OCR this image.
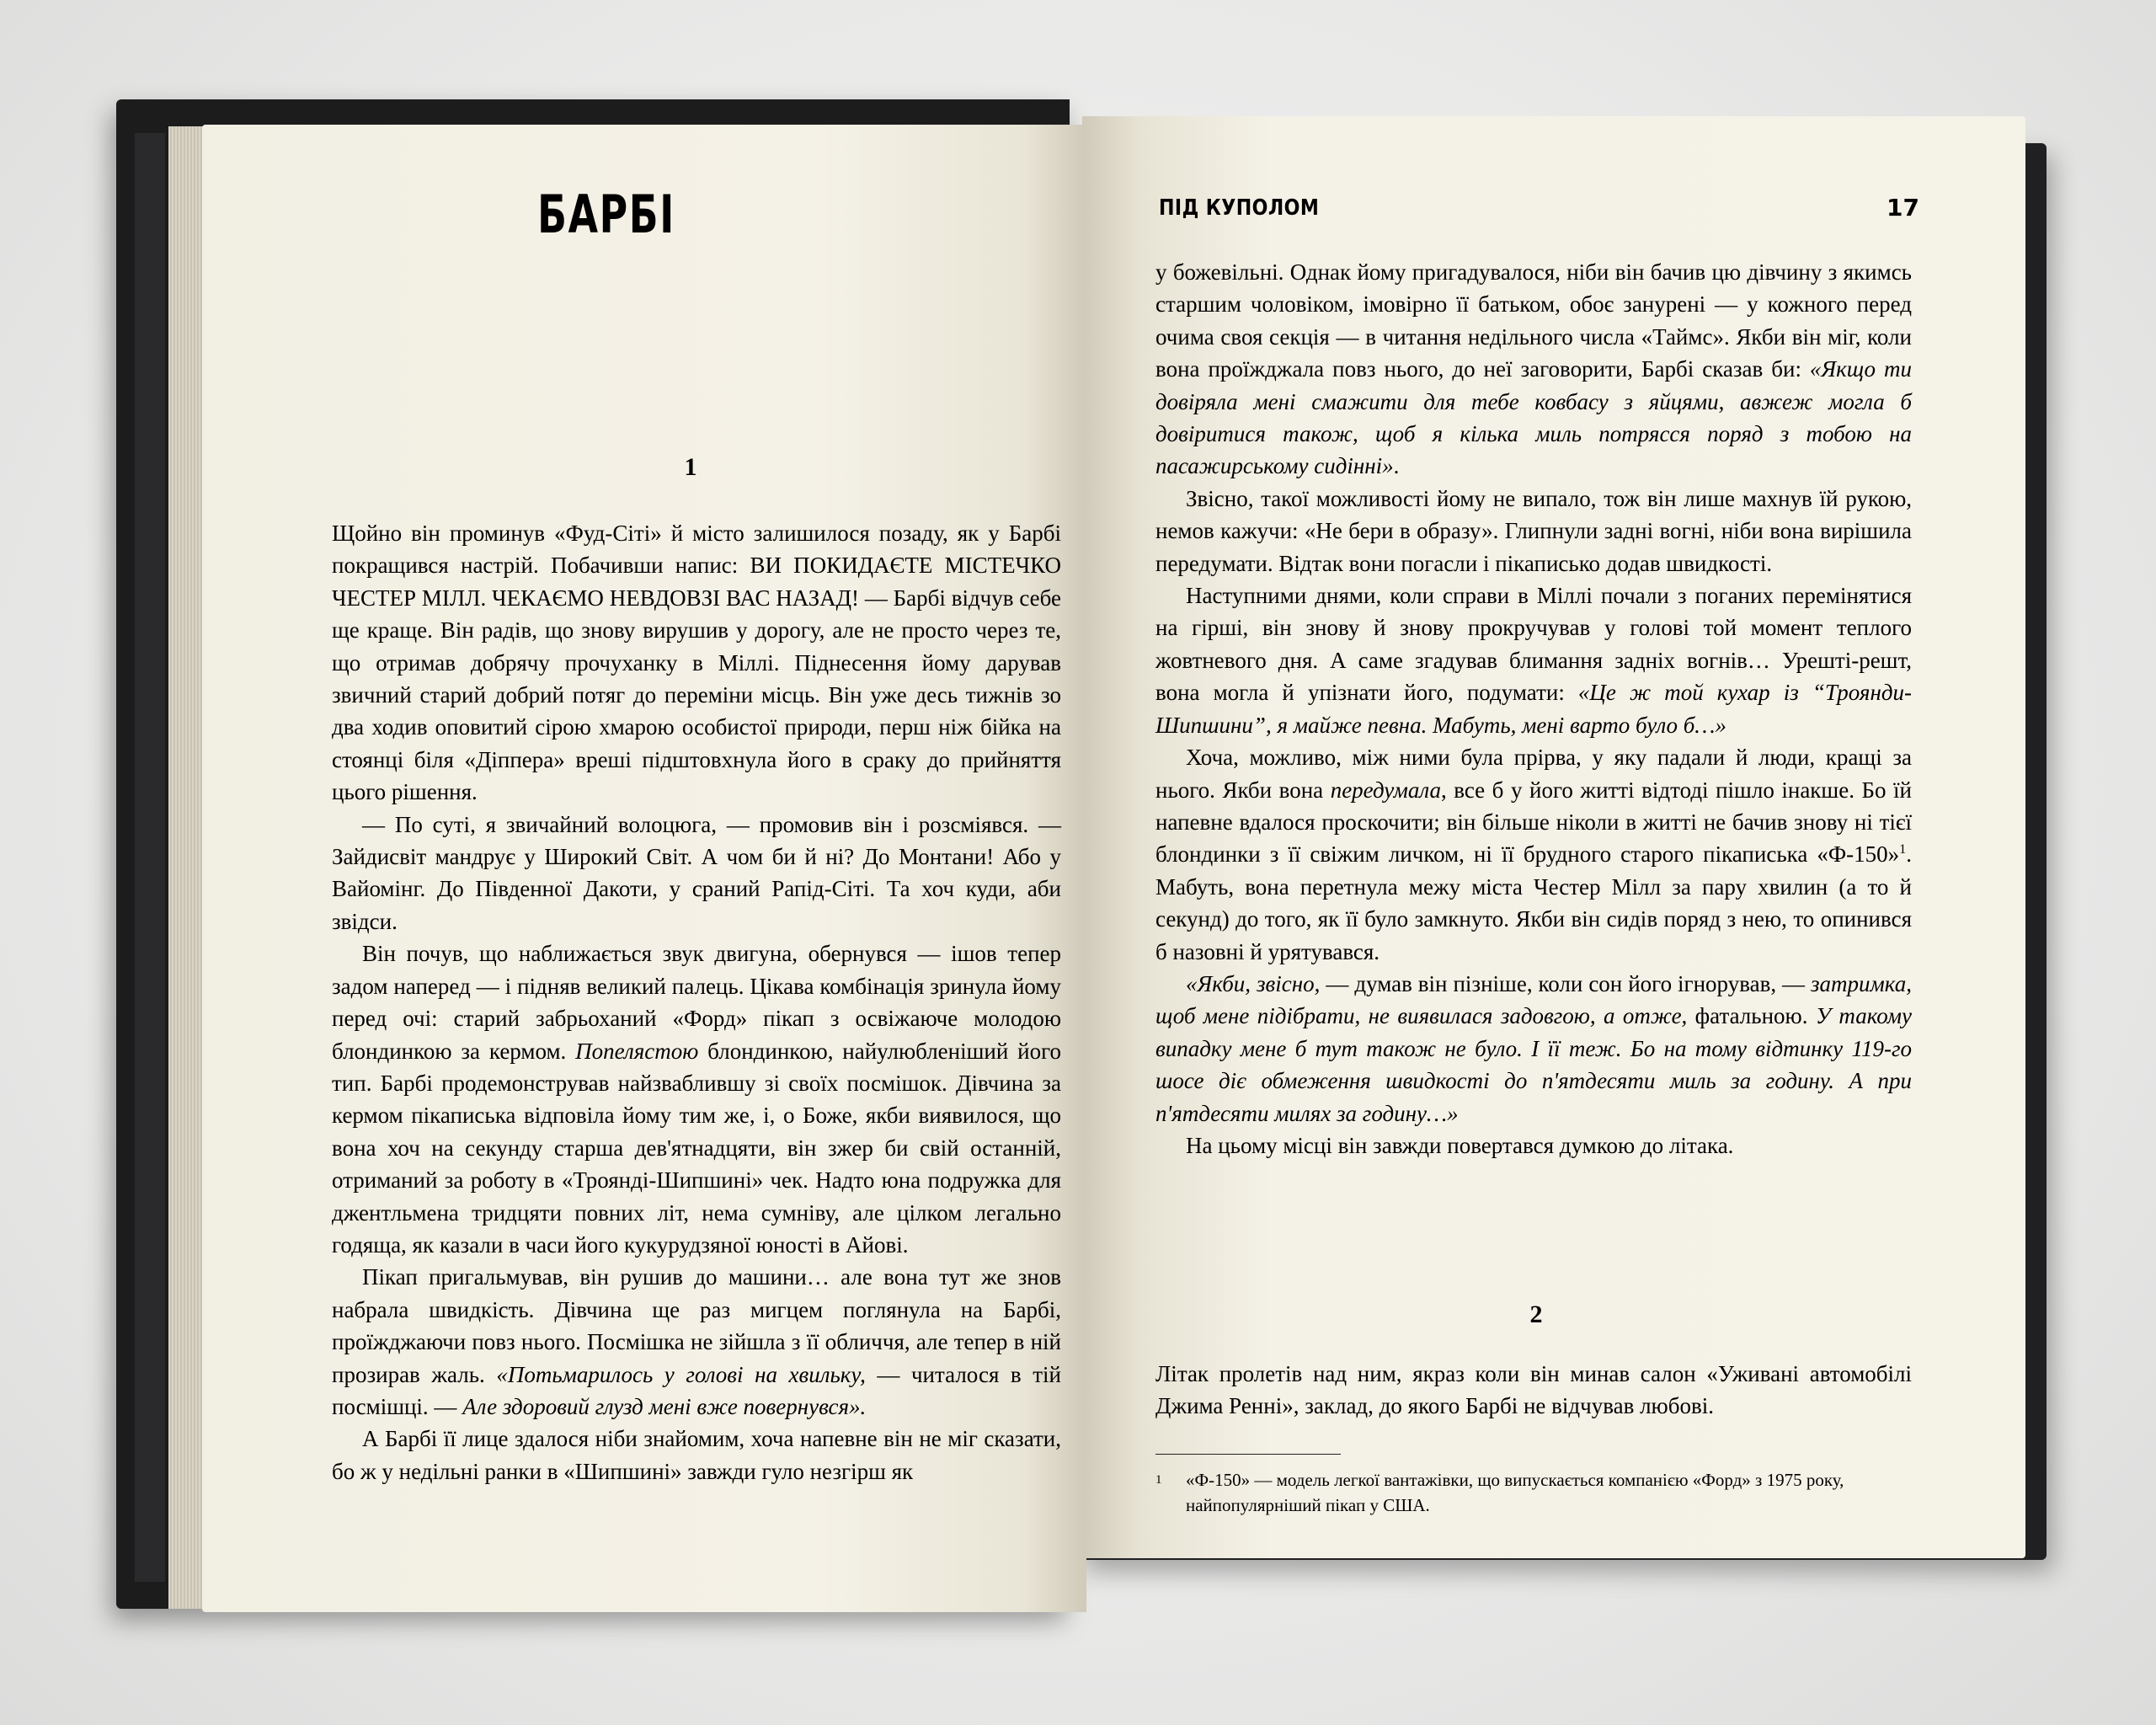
БАРБІ
1

Щойно він проминув «Фуд-Сіті» й місто залишилося позаду, як у Барбі покращився настрій. Побачивши напис: ВИ ПОКИДАЄТЕ МІСТЕЧКО ЧЕСТЕР МІЛЛ. ЧЕКАЄМО НЕВДОВЗІ ВАС НАЗАД! — Барбі відчув себе ще краще. Він радів, що знову вирушив у дорогу, але не просто через те, що отримав добрячу прочуханку в Міллі. Піднесення йому дарував звичний старий добрий потяг до переміни місць. Він уже десь тижнів зо два ходив оповитий сірою хмарою особистої природи, перш ніж бійка на стоянці біля «Діппера» вреші підштовхнула його в сраку до прийняття цього рішення.

— По суті, я звичайний волоцюга, — промовив він і розсміявся. — Зайдисвіт мандрує у Широкий Світ. А чом би й ні? До Монтани! Або у Вайомінг. До Південної Дакоти, у сраний Рапід-Сіті. Та хоч куди, аби звідси.

Він почув, що наближається звук двигуна, обернувся — ішов тепер задом наперед — і підняв великий палець. Цікава комбінація зринула йому перед очі: старий забрьоханий «Форд» пікап з освіжаюче молодою блондинкою за кермом. Попелястою блондинкою, найулюбленіший його тип. Барбі продемонстрував найзваблившу зі своїх посмішок. Дівчина за кермом пікаписька відповіла йому тим же, і, о Боже, якби виявилося, що вона хоч на секунду старша дев'ятнадцяти, він зжер би свій останній, отриманий за роботу в «Трояндi-Шипшині» чек. Надто юна подружка для джентльмена тридцяти повних літ, нема сумніву, але цілком легально годяща, як казали в часи його кукурудзяної юності в Айові.

Пікап пригальмував, він рушив до машини… але вона тут же знов набрала швидкість. Дівчина ще раз мигцем поглянула на Барбі, проїжджаючи повз нього. Посмішка не зійшла з її обличчя, але тепер в ній прозирав жаль. «Потьмарилось у голові на хвильку, — читалося в тій посмішці. — Але здоровий глузд мені вже повернувся».

А Барбі її лице здалося ніби знайомим, хоча напевне він не міг сказати, бо ж у недільні ранки в «Шипшині» завжди гуло незгірш як

ПІД КУПОЛОМ	17

у божевільні. Однак йому пригадувалося, ніби він бачив цю дівчину з якимсь старшим чоловіком, імовірно її батьком, обоє занурені — у кожного перед очима своя секція — в читання недільного числа «Таймс». Якби він міг, коли вона проїжджала повз нього, до неї заговорити, Барбі сказав би: «Якщо ти довіряла мені смажити для тебе ковбасу з яйцями, авжеж могла б довіритися також, щоб я кілька миль потрясся поряд з тобою на пасажирському сидінні».

Звісно, такої можливості йому не випало, тож він лише махнув їй рукою, немов кажучи: «Не бери в образу». Глипнули задні вогні, ніби вона вирішила передумати. Відтак вони погасли і пікаписько додав швидкості.

Наступними днями, коли справи в Міллі почали з поганих перемінятися на гірші, він знову й знову прокручував у голові той момент теплого жовтневого дня. А саме згадував блимання задніх вогнів… Урешті-решт, вона могла й упізнати його, подумати: «Це ж той кухар із “Троянди-Шипшини”, я майже певна. Мабуть, мені варто було б…»

Хоча, можливо, між ними була прірва, у яку падали й люди, кращі за нього. Якби вона передумала, все б у його житті відтоді пішло інакше. Бо їй напевне вдалося проскочити; він більше ніколи в житті не бачив знову ні тієї блондинки з її свіжим личком, ні її брудного старого пікаписька «Ф-150»$^1$. Мабуть, вона перетнула межу міста Честер Мілл за пару хвилин (а то й секунд) до того, як її було замкнуто. Якби він сидів поряд з нею, то опинився б назовні й урятувався.

«Якби, звісно, — думав він пізніше, коли сон його ігнорував, — затримка, щоб мене підібрати, не виявилася задовгою, а отже, фатальною. У такому випадку мене б тут також не було. І її теж. Бо на тому відтинку 119-го шосе діє обмеження швидкості до п'ятдесяти миль за годину. А при п'ятдесяти милях за годину…»

На цьому місці він завжди повертався думкою до літака.

2

Літак пролетів над ним, якраз коли він минав салон «Уживані автомобілі Джима Ренні», заклад, до якого Барбі не відчував любові.

1 «Ф-150» — модель легкої вантажівки, що випускається компанією «Форд» з 1975 року, найпопулярніший пікап у США.
